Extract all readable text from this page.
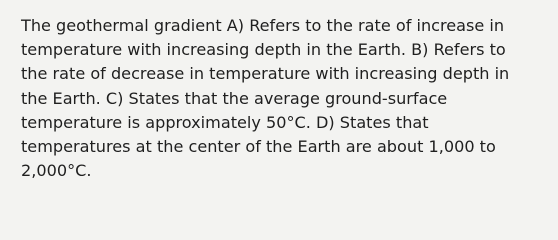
The geothermal gradient A) Refers to the rate of increase in temperature with increasing depth in the Earth. B) Refers to the rate of decrease in temperature with increasing depth in the Earth. C) States that the average ground-surface temperature is approximately 50°C. D) States that temperatures at the center of the Earth are about 1,000 to 2,000°C.
